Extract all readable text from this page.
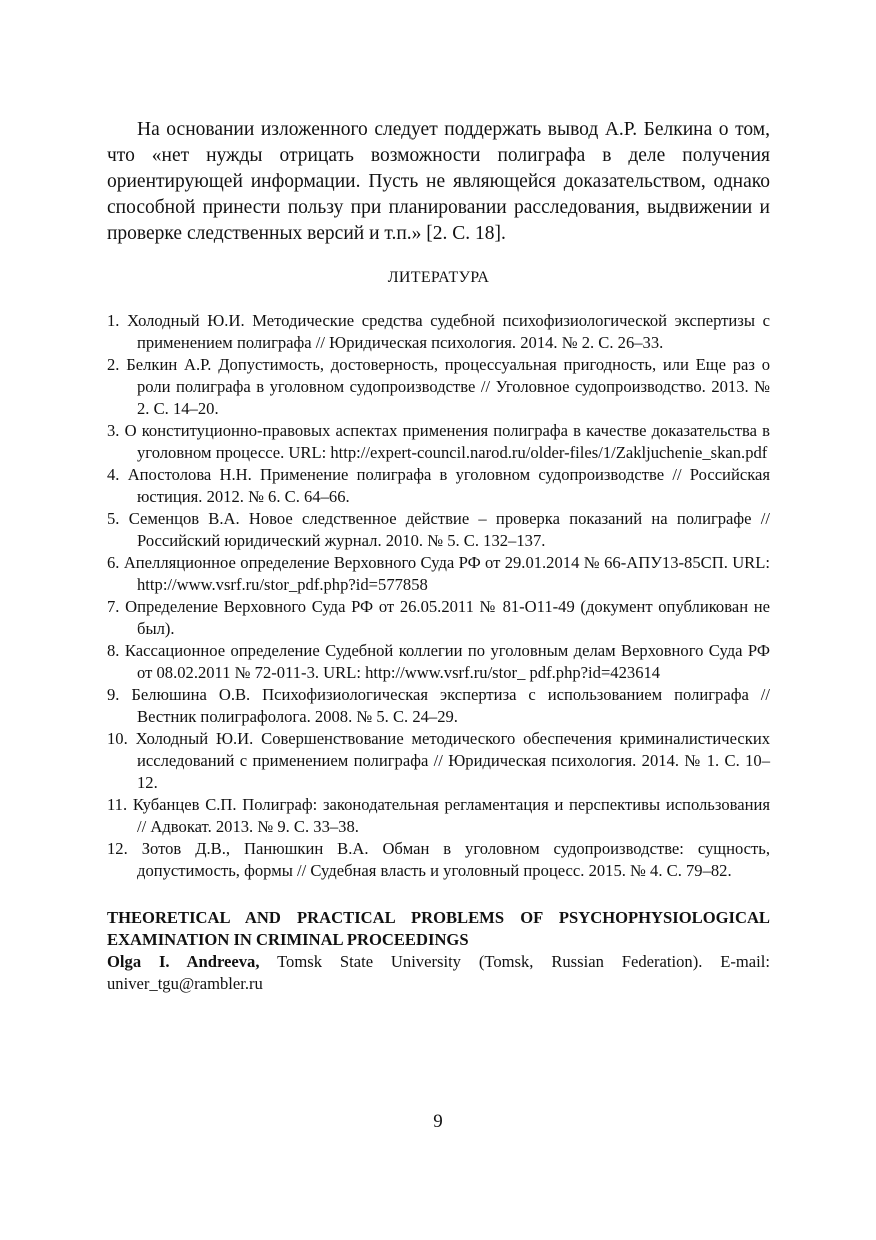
На основании изложенного следует поддержать вывод А.Р. Белкина о том, что «нет нужды отрицать возможности полиграфа в деле получения ориентирующей информации. Пусть не являющейся доказательством, однако способной принести пользу при планировании расследования, выдвижении и проверке следственных версий и т.п.» [2. С. 18].

ЛИТЕРАТУРА
1. Холодный Ю.И. Методические средства судебной психофизиологической экспертизы с применением полиграфа // Юридическая психология. 2014. № 2. С. 26–33.
2. Белкин А.Р. Допустимость, достоверность, процессуальная пригодность, или Еще раз о роли полиграфа в уголовном судопроизводстве // Уголовное судопроизводство. 2013. № 2. С. 14–20.
3. О конституционно-правовых аспектах применения полиграфа в качестве доказательства в уголовном процессе. URL: http://expert-council.narod.ru/older-files/1/Zakljuchenie_skan.pdf
4. Апостолова Н.Н. Применение полиграфа в уголовном судопроизводстве // Российская юстиция. 2012. № 6. С. 64–66.
5. Семенцов В.А. Новое следственное действие – проверка показаний на полиграфе // Российский юридический журнал. 2010. № 5. С. 132–137.
6. Апелляционное определение Верховного Суда РФ от 29.01.2014 № 66-АПУ13-85СП. URL: http://www.vsrf.ru/stor_pdf.php?id=577858
7. Определение Верховного Суда РФ от 26.05.2011 № 81-О11-49 (документ опубликован не был).
8. Кассационное определение Судебной коллегии по уголовным делам Верховного Суда РФ от 08.02.2011 № 72-011-3. URL: http://www.vsrf.ru/stor_ pdf.php?id=423614
9. Белюшина О.В. Психофизиологическая экспертиза с использованием полиграфа // Вестник полиграфолога. 2008. № 5. С. 24–29.
10. Холодный Ю.И. Совершенствование методического обеспечения криминалистических исследований с применением полиграфа // Юридическая психология. 2014. № 1. С. 10–12.
11. Кубанцев С.П. Полиграф: законодательная регламентация и перспективы использования // Адвокат. 2013. № 9. С. 33–38.
12. Зотов Д.В., Панюшкин В.А. Обман в уголовном судопроизводстве: сущность, допустимость, формы // Судебная власть и уголовный процесс. 2015. № 4. С. 79–82.

THEORETICAL AND PRACTICAL PROBLEMS OF PSYCHOPHYSIOLOGICAL EXAMINATION IN CRIMINAL PROCEEDINGS

Olga I. Andreeva, Tomsk State University (Tomsk, Russian Federation). E-mail: univer_tgu@rambler.ru

9
